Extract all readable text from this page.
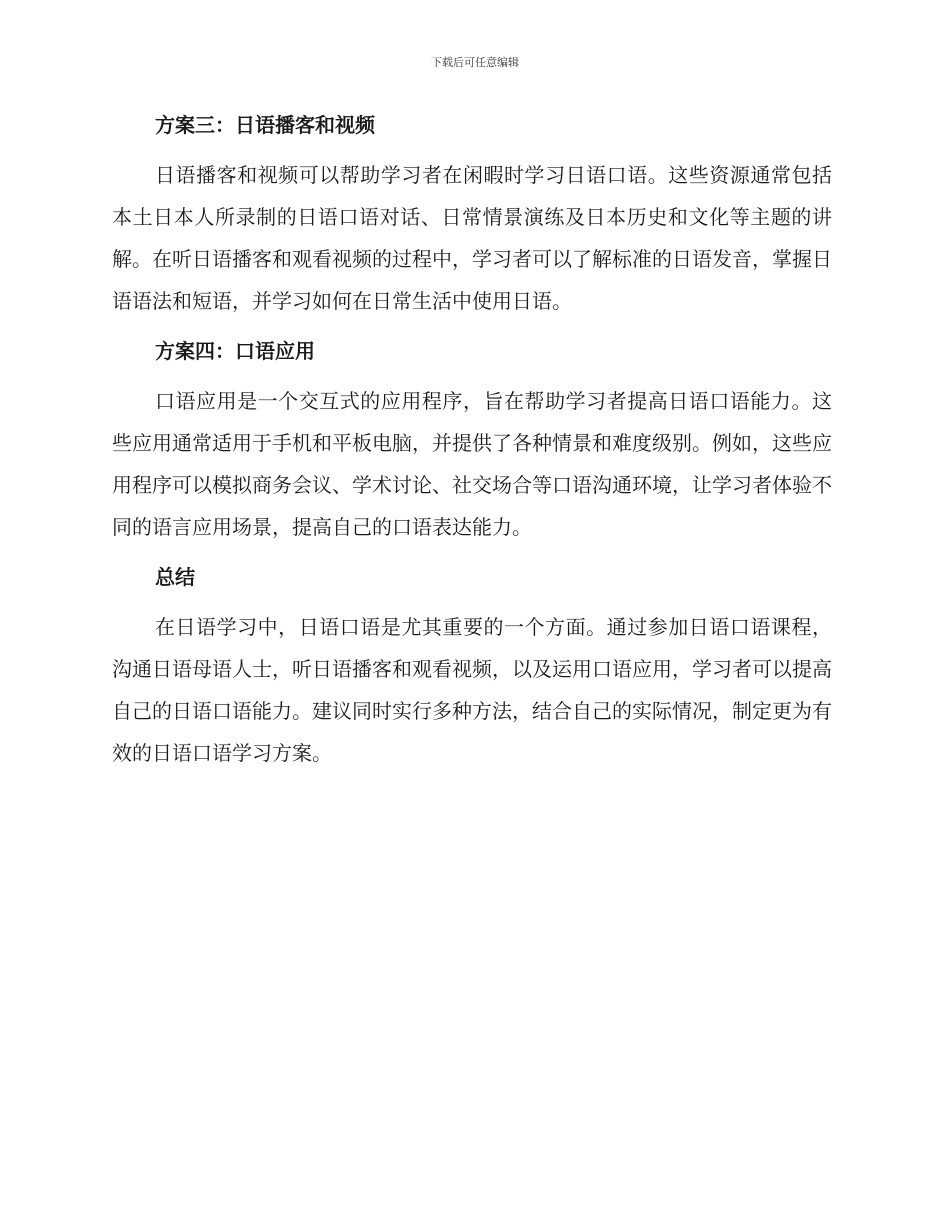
下载后可任意编辑
方案三：日语播客和视频

日语播客和视频可以帮助学习者在闲暇时学习日语口语。这些资源通常包括本土日本人所录制的日语口语对话、日常情景演练及日本历史和文化等主题的讲解。在听日语播客和观看视频的过程中，学习者可以了解标准的日语发音，掌握日语语法和短语，并学习如何在日常生活中使用日语。

方案四：口语应用

口语应用是一个交互式的应用程序，旨在帮助学习者提高日语口语能力。这些应用通常适用于手机和平板电脑，并提供了各种情景和难度级别。例如，这些应用程序可以模拟商务会议、学术讨论、社交场合等口语沟通环境，让学习者体验不同的语言应用场景，提高自己的口语表达能力。

总结

在日语学习中，日语口语是尤其重要的一个方面。通过参加日语口语课程，沟通日语母语人士，听日语播客和观看视频，以及运用口语应用，学习者可以提高自己的日语口语能力。建议同时实行多种方法，结合自己的实际情况，制定更为有效的日语口语学习方案。
